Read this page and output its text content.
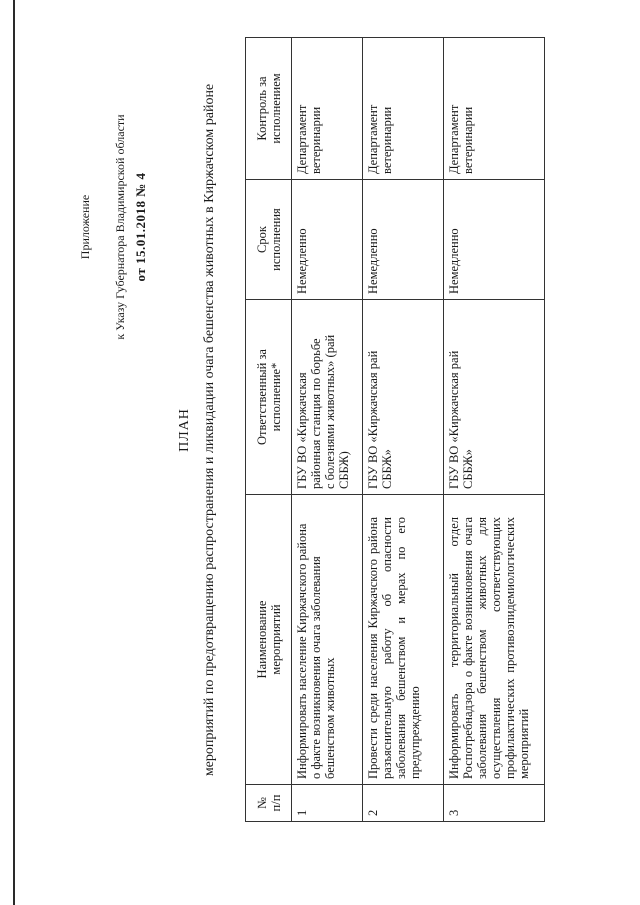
Приложение к Указу Губернатора Владимирской области от 15.01.2018 № 4
ПЛАН мероприятий по предотвращению распространения и ликвидации очага бешенства животных в Киржачском районе
№ п/п	Наименование мероприятий	Ответственный за исполнение*	Срок исполнения	Контроль за исполнением
1	Информировать население Киржачского района о факте возникновения очага заболевания бешенством животных	ГБУ ВО «Киржачская районная станция по борьбе с болезнями животных» (рай СББЖ)	Немедленно	Департамент ветеринарии

2	Провести среди населения Киржачского района разъяснительную работу об опасности заболевания бешенством и мерах по его предупреждению	ГБУ ВО «Киржачская рай СББЖ»	Немедленно	Департамент ветеринарии

3	Информировать территориальный отдел Роспотребнадзора о факте возникновения очага заболевания бешенством животных для осуществления соответствующих профилактических противоэпидемиологических мероприятий	ГБУ ВО «Киржачская рай СББЖ»	Немедленно	Департамент ветеринарии
